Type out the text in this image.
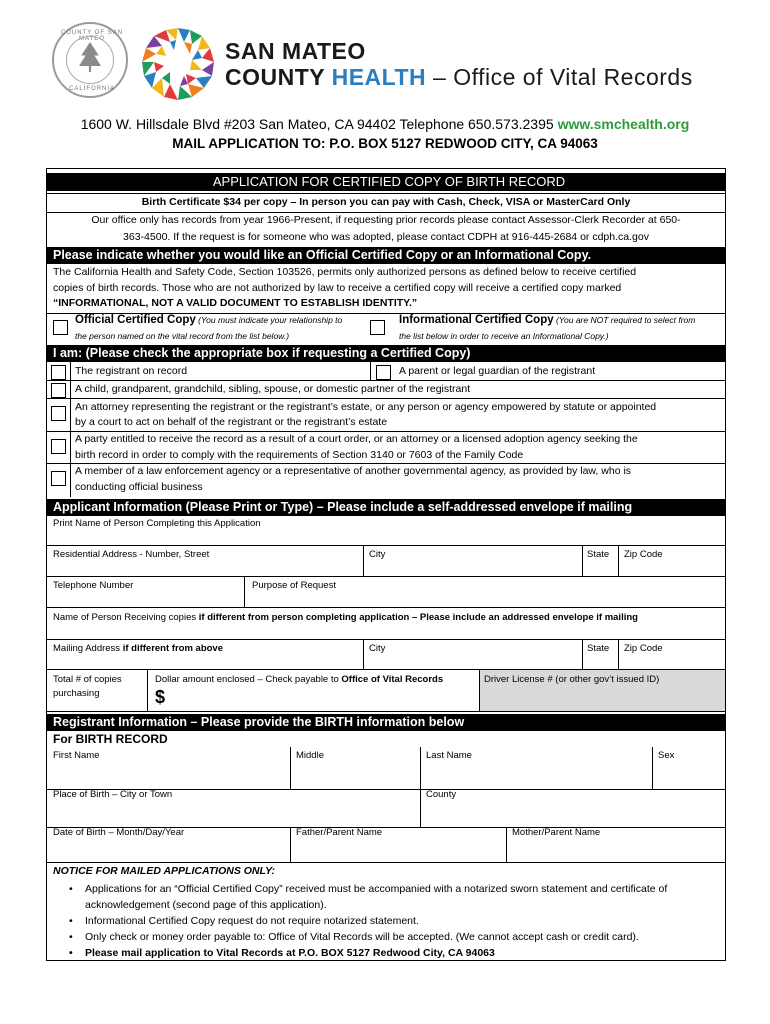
COUNTY OF SAN MATEO
CALIFORNIA
SAN MATEO
COUNTY HEALTH – Office of Vital Records
1600 W. Hillsdale Blvd #203 San Mateo, CA 94402 Telephone 650.573.2395 www.smchealth.org
MAIL APPLICATION TO: P.O. BOX 5127 REDWOOD CITY, CA 94063
APPLICATION FOR CERTIFIED COPY OF BIRTH RECORD
Birth Certificate $34 per copy – In person you can pay with Cash, Check, VISA or MasterCard Only
Our office only has records from year 1966-Present, if requesting prior records please contact Assessor-Clerk Recorder at 650-
363-4500. If the request is for someone who was adopted, please contact CDPH at 916-445-2684 or cdph.ca.gov
Please indicate whether you would like an Official Certified Copy or an Informational Copy.
The California Health and Safety Code, Section 103526, permits only authorized persons as defined below to receive certified
copies of birth records. Those who are not authorized by law to receive a certified copy will receive a certified copy marked
“INFORMATIONAL, NOT A VALID DOCUMENT TO ESTABLISH IDENTITY.”
Official Certified Copy (You must indicate your relationship to
the person named on the vital record from the list below.)
Informational Certified Copy (You are NOT required to select from
the list below in order to receive an Informational Copy.)
I am: (Please check the appropriate box if requesting a Certified Copy)
The registrant on record	A parent or legal guardian of the registrant
A child, grandparent, grandchild, sibling, spouse, or domestic partner of the registrant
An attorney representing the registrant or the registrant’s estate, or any person or agency empowered by statute or appointed
by a court to act on behalf of the registrant or the registrant’s estate
A party entitled to receive the record as a result of a court order, or an attorney or a licensed adoption agency seeking the
birth record in order to comply with the requirements of Section 3140 or 7603 of the Family Code
A member of a law enforcement agency or a representative of another governmental agency, as provided by law, who is
conducting official business
Applicant Information (Please Print or Type) – Please include a self-addressed envelope if mailing
Print Name of Person Completing this Application
Residential Address - Number, Street	City	State Zip Code
Telephone Number	Purpose of Request
Name of Person Receiving copies if different from person completing application – Please include an addressed envelope if mailing
Mailing Address if different from above	City	State Zip Code
Total # of copies
purchasing
Dollar amount enclosed – Check payable to Office of Vital Records
$
Driver License # (or other gov’t issued ID)
Registrant Information – Please provide the BIRTH information below
For BIRTH RECORD
First Name	Middle	Last Name	Sex
Place of Birth – City or Town	County
Date of Birth – Month/Day/Year	Father/Parent Name	Mother/Parent Name
NOTICE FOR MAILED APPLICATIONS ONLY:
• Applications for an “Official Certified Copy” received must be accompanied with a notarized sworn statement and certificate of
acknowledgement (second page of this application).
• Informational Certified Copy request do not require notarized statement.
• Only check or money order payable to: Office of Vital Records will be accepted. (We cannot accept cash or credit card).
• Please mail application to Vital Records at P.O. BOX 5127 Redwood City, CA 94063
